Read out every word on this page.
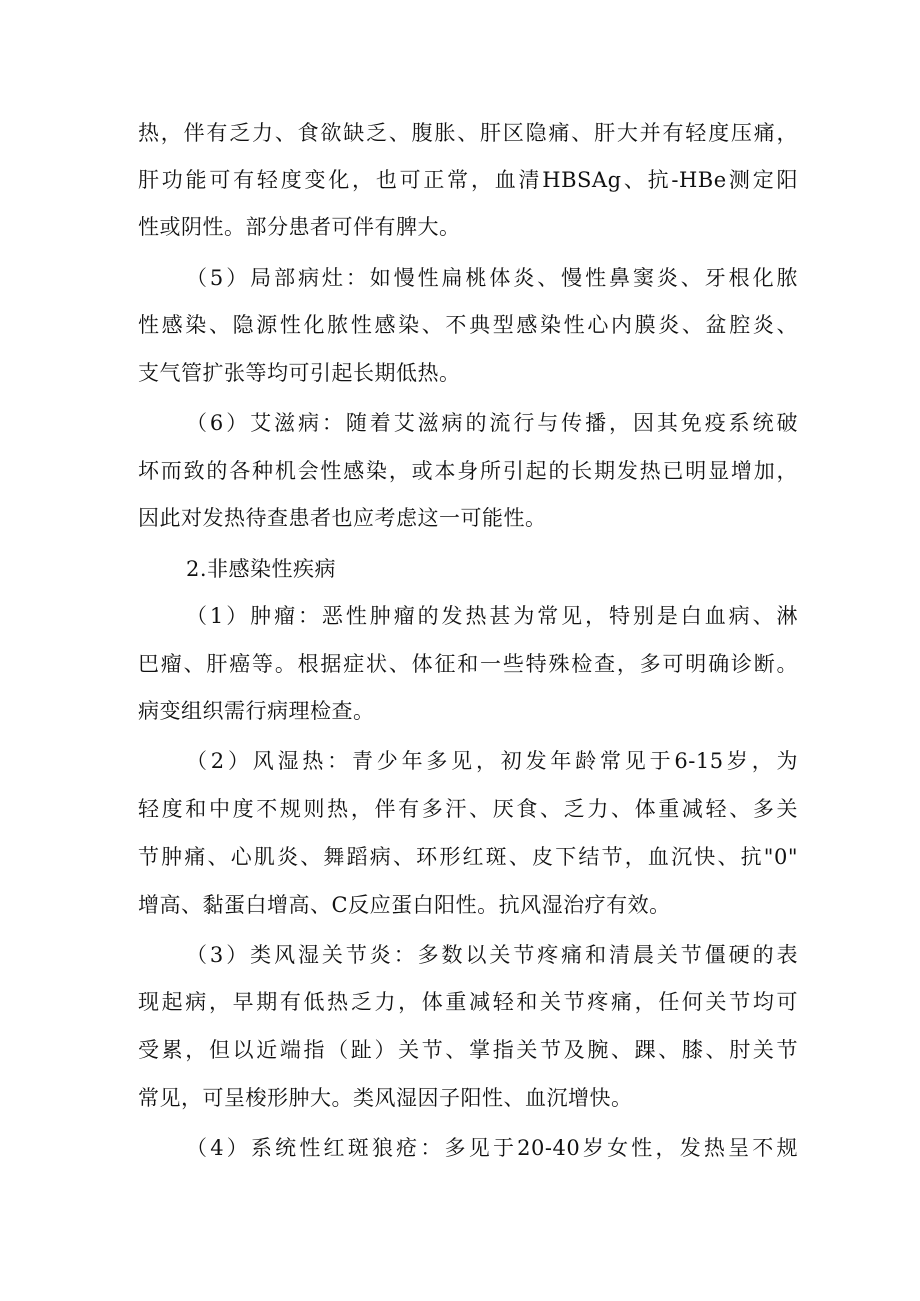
热，伴有乏力、食欲缺乏、腹胀、肝区隐痛、肝大并有轻度压痛，
肝功能可有轻度变化，也可正常，血清HBSAg、抗-HBe测定阳
性或阴性。部分患者可伴有脾大。
（5）局部病灶：如慢性扁桃体炎、慢性鼻窦炎、牙根化脓
性感染、隐源性化脓性感染、不典型感染性心内膜炎、盆腔炎、
支气管扩张等均可引起长期低热。
（6）艾滋病：随着艾滋病的流行与传播，因其免疫系统破
坏而致的各种机会性感染，或本身所引起的长期发热已明显增加，
因此对发热待查患者也应考虑这一可能性。
2.非感染性疾病
（1）肿瘤：恶性肿瘤的发热甚为常见，特别是白血病、淋
巴瘤、肝癌等。根据症状、体征和一些特殊检查，多可明确诊断。
病变组织需行病理检查。
（2）风湿热：青少年多见，初发年龄常见于6-15岁，为
轻度和中度不规则热，伴有多汗、厌食、乏力、体重减轻、多关
节肿痛、心肌炎、舞蹈病、环形红斑、皮下结节，血沉快、抗"0"
增高、黏蛋白增高、C反应蛋白阳性。抗风湿治疗有效。
（3）类风湿关节炎：多数以关节疼痛和清晨关节僵硬的表
现起病，早期有低热乏力，体重减轻和关节疼痛，任何关节均可
受累，但以近端指（趾）关节、掌指关节及腕、踝、膝、肘关节
常见，可呈梭形肿大。类风湿因子阳性、血沉增快。
（4）系统性红斑狼疮：多见于20-40岁女性，发热呈不规
